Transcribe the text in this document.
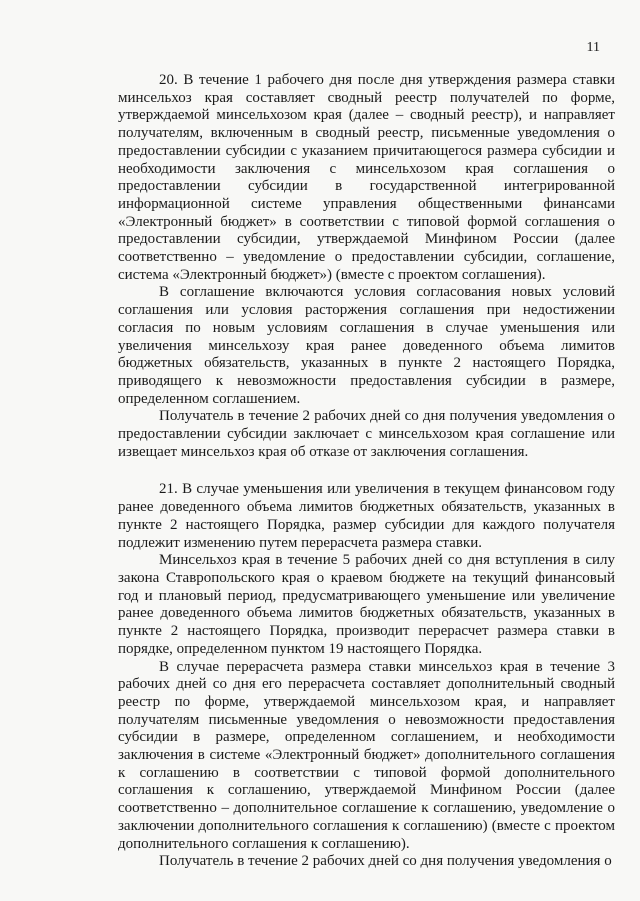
11

20. В течение 1 рабочего дня после дня утверждения размера ставки минсельхоз края составляет сводный реестр получателей по форме, утверждаемой минсельхозом края (далее – сводный реестр), и направляет получателям, включенным в сводный реестр, письменные уведомления о предоставлении субсидии с указанием причитающегося размера субсидии и необходимости заключения с минсельхозом края соглашения о предоставлении субсидии в государственной интегрированной информационной системе управления общественными финансами «Электронный бюджет» в соответствии с типовой формой соглашения о предоставлении субсидии, утверждаемой Минфином России (далее соответственно – уведомление о предоставлении субсидии, соглашение, система «Электронный бюджет») (вместе с проектом соглашения).

В соглашение включаются условия согласования новых условий соглашения или условия расторжения соглашения при недостижении согласия по новым условиям соглашения в случае уменьшения или увеличения минсельхозу края ранее доведенного объема лимитов бюджетных обязательств, указанных в пункте 2 настоящего Порядка, приводящего к невозможности предоставления субсидии в размере, определенном соглашением.

Получатель в течение 2 рабочих дней со дня получения уведомления о предоставлении субсидии заключает с минсельхозом края соглашение или извещает минсельхоз края об отказе от заключения соглашения.

21. В случае уменьшения или увеличения в текущем финансовом году ранее доведенного объема лимитов бюджетных обязательств, указанных в пункте 2 настоящего Порядка, размер субсидии для каждого получателя подлежит изменению путем перерасчета размера ставки.

Минсельхоз края в течение 5 рабочих дней со дня вступления в силу закона Ставропольского края о краевом бюджете на текущий финансовый год и плановый период, предусматривающего уменьшение или увеличение ранее доведенного объема лимитов бюджетных обязательств, указанных в пункте 2 настоящего Порядка, производит перерасчет размера ставки в порядке, определенном пунктом 19 настоящего Порядка.

В случае перерасчета размера ставки минсельхоз края в течение 3 рабочих дней со дня его перерасчета составляет дополнительный сводный реестр по форме, утверждаемой минсельхозом края, и направляет получателям письменные уведомления о невозможности предоставления субсидии в размере, определенном соглашением, и необходимости заключения в системе «Электронный бюджет» дополнительного соглашения к соглашению в соответствии с типовой формой дополнительного соглашения к соглашению, утверждаемой Минфином России (далее соответственно – дополнительное соглашение к соглашению, уведомление о заключении дополнительного соглашения к соглашению) (вместе с проектом дополнительного соглашения к соглашению).

Получатель в течение 2 рабочих дней со дня получения уведомления о
